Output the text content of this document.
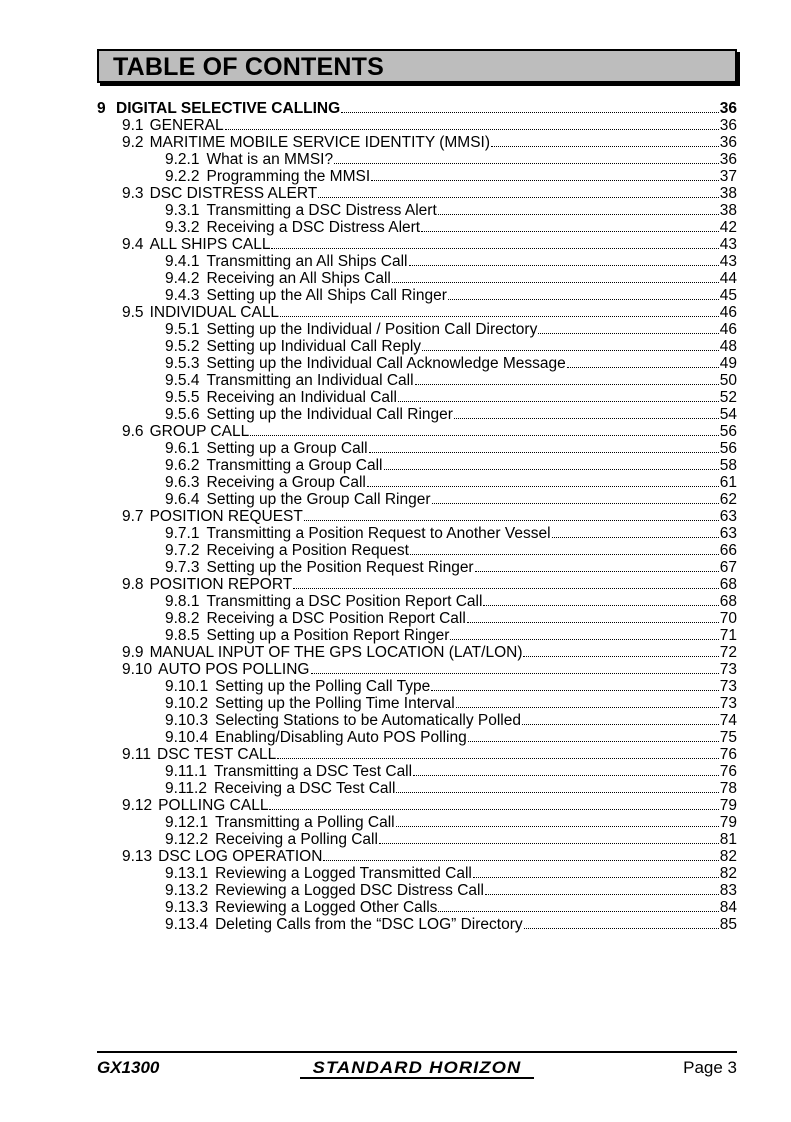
TABLE OF CONTENTS
9 DIGITAL SELECTIVE CALLING	36
9.1 GENERAL	36
9.2 MARITIME MOBILE SERVICE IDENTITY (MMSI)	36
9.2.1 What is an MMSI?	36
9.2.2 Programming the MMSI	37
9.3 DSC DISTRESS ALERT	38
9.3.1 Transmitting a DSC Distress Alert	38
9.3.2 Receiving a DSC Distress Alert	42
9.4 ALL SHIPS CALL	43
9.4.1 Transmitting an All Ships Call	43
9.4.2 Receiving an All Ships Call	44
9.4.3 Setting up the All Ships Call Ringer	45
9.5 INDIVIDUAL CALL	46
9.5.1 Setting up the Individual / Position Call Directory	46
9.5.2 Setting up Individual Call Reply	48
9.5.3 Setting up the Individual Call Acknowledge Message	49
9.5.4 Transmitting an Individual Call	50
9.5.5 Receiving an Individual Call	52
9.5.6 Setting up the Individual Call Ringer	54
9.6 GROUP CALL	56
9.6.1 Setting up a Group Call	56
9.6.2 Transmitting a Group Call	58
9.6.3 Receiving a Group Call	61
9.6.4 Setting up the Group Call Ringer	62
9.7 POSITION REQUEST	63
9.7.1 Transmitting a Position Request to Another Vessel	63
9.7.2 Receiving a Position Request	66
9.7.3 Setting up the Position Request Ringer	67
9.8 POSITION REPORT	68
9.8.1 Transmitting a DSC Position Report Call	68
9.8.2 Receiving a DSC Position Report Call	70
9.8.5 Setting up a Position Report Ringer	71
9.9 MANUAL INPUT OF THE GPS LOCATION (LAT/LON)	72
9.10 AUTO POS POLLING	73
9.10.1 Setting up the Polling Call Type	73
9.10.2 Setting up the Polling Time Interval	73
9.10.3 Selecting Stations to be Automatically Polled	74
9.10.4 Enabling/Disabling Auto POS Polling	75
9.11 DSC TEST CALL	76
9.11.1 Transmitting a DSC Test Call	76
9.11.2 Receiving a DSC Test Call	78
9.12 POLLING CALL	79
9.12.1 Transmitting a Polling Call	79
9.12.2 Receiving a Polling Call	81
9.13 DSC LOG OPERATION	82
9.13.1 Reviewing a Logged Transmitted Call	82
9.13.2 Reviewing a Logged DSC Distress Call	83
9.13.3 Reviewing a Logged Other Calls	84
9.13.4 Deleting Calls from the “DSC LOG” Directory	85
GX1300	STANDARD HORIZON	Page 3
